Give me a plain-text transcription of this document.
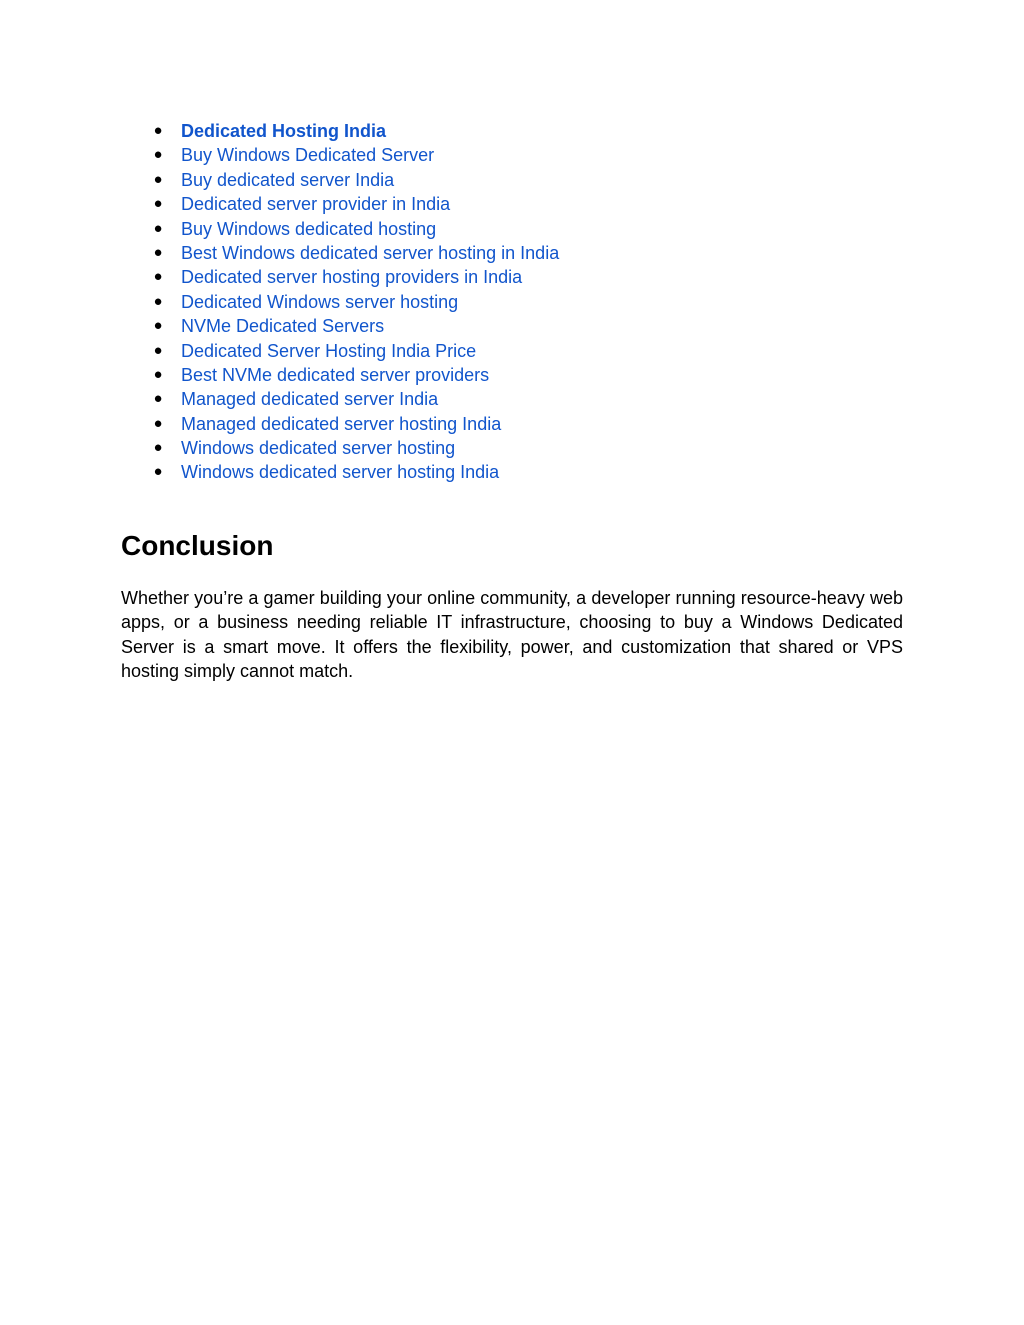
● Dedicated Hosting India
● Buy Windows Dedicated Server
● Buy dedicated server India
● Dedicated server provider in India
● Buy Windows dedicated hosting
● Best Windows dedicated server hosting in India
● Dedicated server hosting providers in India
● Dedicated Windows server hosting
● NVMe Dedicated Servers
● Dedicated Server Hosting India Price
● Best NVMe dedicated server providers
● Managed dedicated server India
● Managed dedicated server hosting India
● Windows dedicated server hosting
● Windows dedicated server hosting India
Conclusion

Whether you’re a gamer building your online community, a developer running resource-heavy web apps, or a business needing reliable IT infrastructure, choosing to buy a Windows Dedicated Server is a smart move. It offers the flexibility, power, and customization that shared or VPS hosting simply cannot match.
